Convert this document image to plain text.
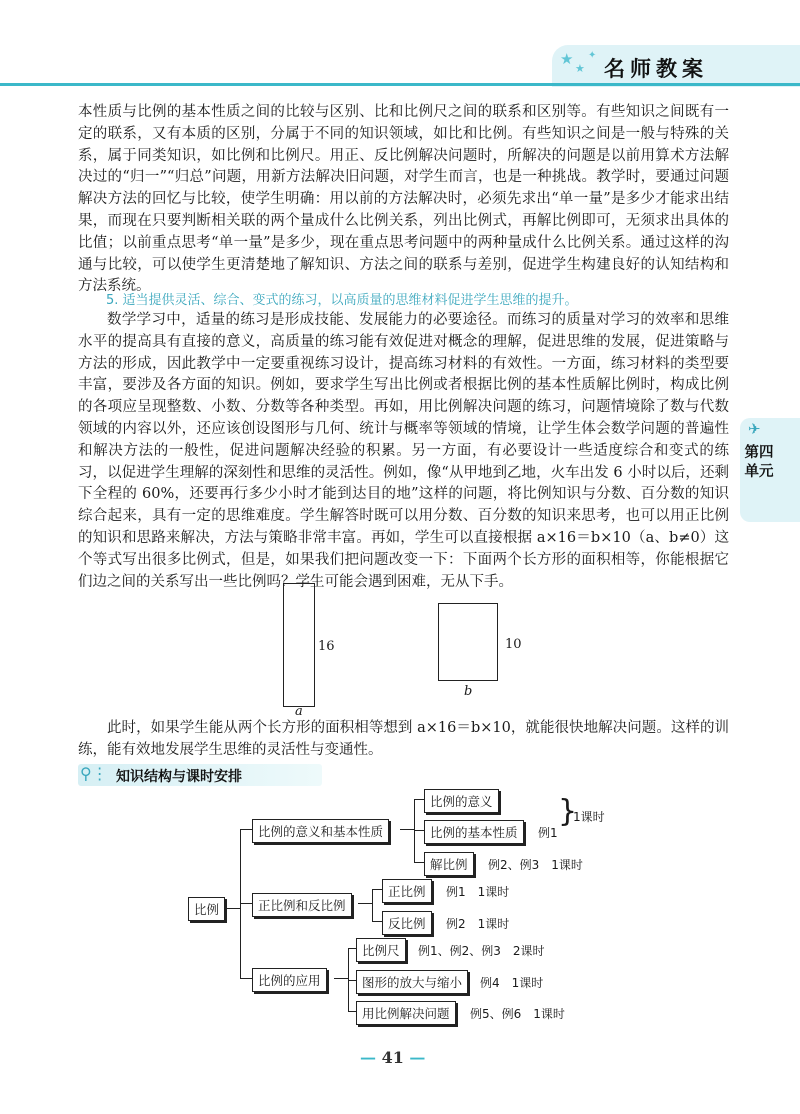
★
★
✦
名师教案

本性质与比例的基本性质之间的比较与区别、比和比例尺之间的联系和区别等。有些知识之间既有一定的联系，又有本质的区别，分属于不同的知识领域，如比和比例。有些知识之间是一般与特殊的关系，属于同类知识，如比例和比例尺。用正、反比例解决问题时，所解决的问题是以前用算术方法解决过的“归一”“归总”问题，用新方法解决旧问题，对学生而言，也是一种挑战。教学时，要通过问题解决方法的回忆与比较，使学生明确：用以前的方法解决时，必须先求出“单一量”是多少才能求出结果，而现在只要判断相关联的两个量成什么比例关系，列出比例式，再解比例即可，无须求出具体的比值；以前重点思考“单一量”是多少，现在重点思考问题中的两种量成什么比例关系。通过这样的沟通与比较，可以使学生更清楚地了解知识、方法之间的联系与差别，促进学生构建良好的认知结构和方法系统。

5. 适当提供灵活、综合、变式的练习，以高质量的思维材料促进学生思维的提升。

数学学习中，适量的练习是形成技能、发展能力的必要途径。而练习的质量对学习的效率和思维水平的提高具有直接的意义，高质量的练习能有效促进对概念的理解，促进思维的发展，促进策略与方法的形成，因此教学中一定要重视练习设计，提高练习材料的有效性。一方面，练习材料的类型要丰富，要涉及各方面的知识。例如，要求学生写出比例或者根据比例的基本性质解比例时，构成比例的各项应呈现整数、小数、分数等各种类型。再如，用比例解决问题的练习，问题情境除了数与代数领域的内容以外，还应该创设图形与几何、统计与概率等领域的情境，让学生体会数学问题的普遍性和解决方法的一般性，促进问题解决经验的积累。另一方面，有必要设计一些适度综合和变式的练习，以促进学生理解的深刻性和思维的灵活性。例如，像“从甲地到乙地，火车出发 6 小时以后，还剩下全程的 60%，还要再行多少小时才能到达目的地”这样的问题，将比例知识与分数、百分数的知识综合起来，具有一定的思维难度。学生解答时既可以用分数、百分数的知识来思考，也可以用正比例的知识和思路来解决，方法与策略非常丰富。再如，学生可以直接根据 a×16＝b×10（a、b≠0）这个等式写出很多比例式，但是，如果我们把问题改变一下：下面两个长方形的面积相等，你能根据它们边之间的关系写出一些比例吗？学生可能会遇到困难，无从下手。

✈
第四
单元
16
a
10
b

此时，如果学生能从两个长方形的面积相等想到 a×16＝b×10，就能很快地解决问题。这样的训练，能有效地发展学生思维的灵活性与变通性。

⚲⋮ 知识结构与课时安排
比例
比例的意义和基本性质
比例的意义
比例的基本性质	例1
}
1课时
解比例	例2、例3　1课时
正比例和反比例
正比例	例1　1课时
反比例	例2　1课时
比例的应用
比例尺	例1、例2、例3　2课时
图形的放大与缩小	例4　1课时
用比例解决问题	例5、例6　1课时
— 41 —
